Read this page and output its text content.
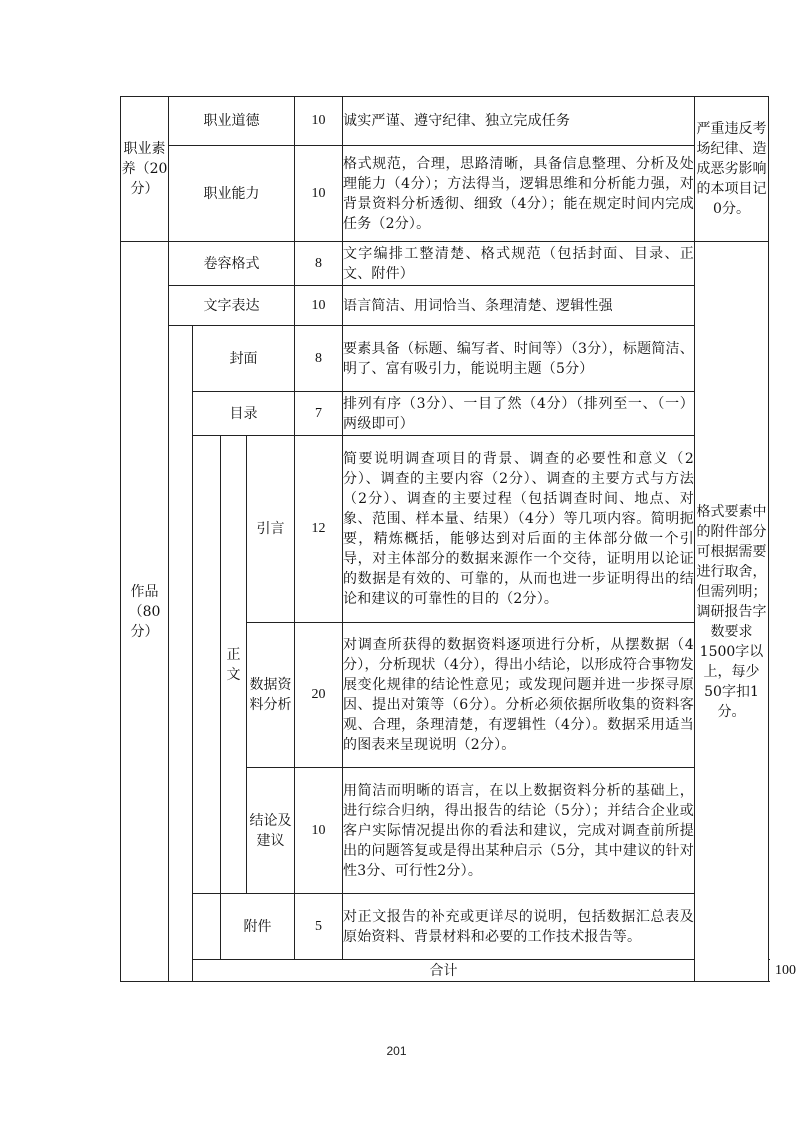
职业素养（20分）	职业道德				10	诚实严谨、遵守纪律、独立完成任务	严重违反考场纪律、造成恶劣影响的本项目记0分。	
	职业能力				10	格式规范，合理，思路清晰，具备信息整理、分析及处理能力（4分）；方法得当，逻辑思维和分析能力强，对背景资料分析透彻、细致（4分）；能在规定时间内完成任务（2分）。		
作品（80分）	卷容格式				8	文字编排工整清楚、格式规范（包括封面、目录、正文、附件）	格式要素中的附件部分可根据需要进行取舍，但需列明；调研报告字数要求1500字以上，每少50字扣1分。	
	文字表达				10	语言简洁、用词恰当、条理清楚、逻辑性强		
		封面			8	要素具备（标题、编写者、时间等）（3分），标题简洁、明了、富有吸引力，能说明主题（5分）		
		目录			7	排列有序（3分）、一目了然（4分）（排列至一、（一）两级即可）		
			正文	引言	12	简要说明调查项目的背景、调查的必要性和意义（2分）、调查的主要内容（2分）、调查的主要方式与方法（2分）、调查的主要过程（包括调查时间、地点、对象、范围、样本量、结果）（4分）等几项内容。简明扼要，精炼概括，能够达到对后面的主体部分做一个引导，对主体部分的数据来源作一个交待，证明用以论证的数据是有效的、可靠的，从而也进一步证明得出的结论和建议的可靠性的目的（2分）。		
				数据资料分析	20	对调查所获得的数据资料逐项进行分析，从摆数据（4分），分析现状（4分），得出小结论，以形成符合事物发展变化规律的结论性意见；或发现问题并进一步探寻原因、提出对策等（6分）。分析必须依据所收集的资料客观、合理，条理清楚，有逻辑性（4分）。数据采用适当的图表来呈现说明（2分）。		
				结论及建议	10	用简洁而明晰的语言，在以上数据资料分析的基础上，进行综合归纳，得出报告的结论（5分）；并结合企业或客户实际情况提出你的看法和建议，完成对调查前所提出的问题答复或是得出某种启示（5分，其中建议的针对性3分、可行性2分）。		
			附件		5	对正文报告的补充或更详尽的说明，包括数据汇总表及原始资料、背景材料和必要的工作技术报告等。		
		合计						100	
201
